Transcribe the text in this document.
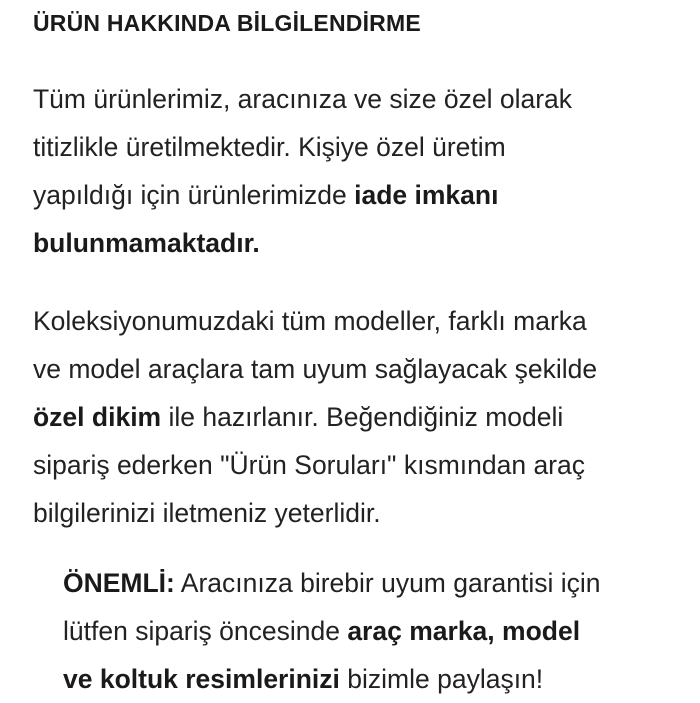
ÜRÜN HAKKINDA BİLGİLENDİRME

Tüm ürünlerimiz, aracınıza ve size özel olarak
titizlikle üretilmektedir. Kişiye özel üretim
yapıldığı için ürünlerimizde iade imkanı
bulunmamaktadır.

Koleksiyonumuzdaki tüm modeller, farklı marka
ve model araçlara tam uyum sağlayacak şekilde
özel dikim ile hazırlanır. Beğendiğiniz modeli
sipariş ederken "Ürün Soruları" kısmından araç
bilgilerinizi iletmeniz yeterlidir.

ÖNEMLİ: Aracınıza birebir uyum garantisi için
lütfen sipariş öncesinde araç marka, model
ve koltuk resimlerinizi bizimle paylaşın!
